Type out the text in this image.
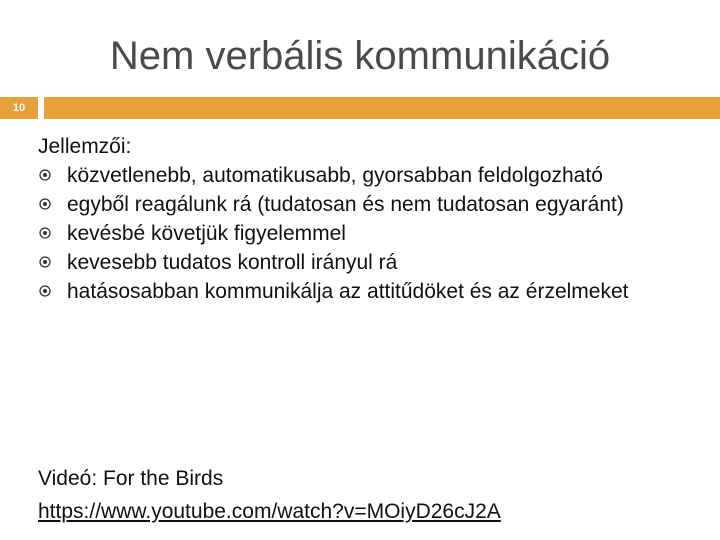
Nem verbális kommunikáció
10
Jellemzői:
közvetlenebb, automatikusabb, gyorsabban feldolgozható
egyből reagálunk rá (tudatosan és nem tudatosan egyaránt)
kevésbé követjük figyelemmel
kevesebb tudatos kontroll irányul rá
hatásosabban kommunikálja az attitűdöket és az érzelmeket
Videó: For the Birds
https://www.youtube.com/watch?v=MOiyD26cJ2A
